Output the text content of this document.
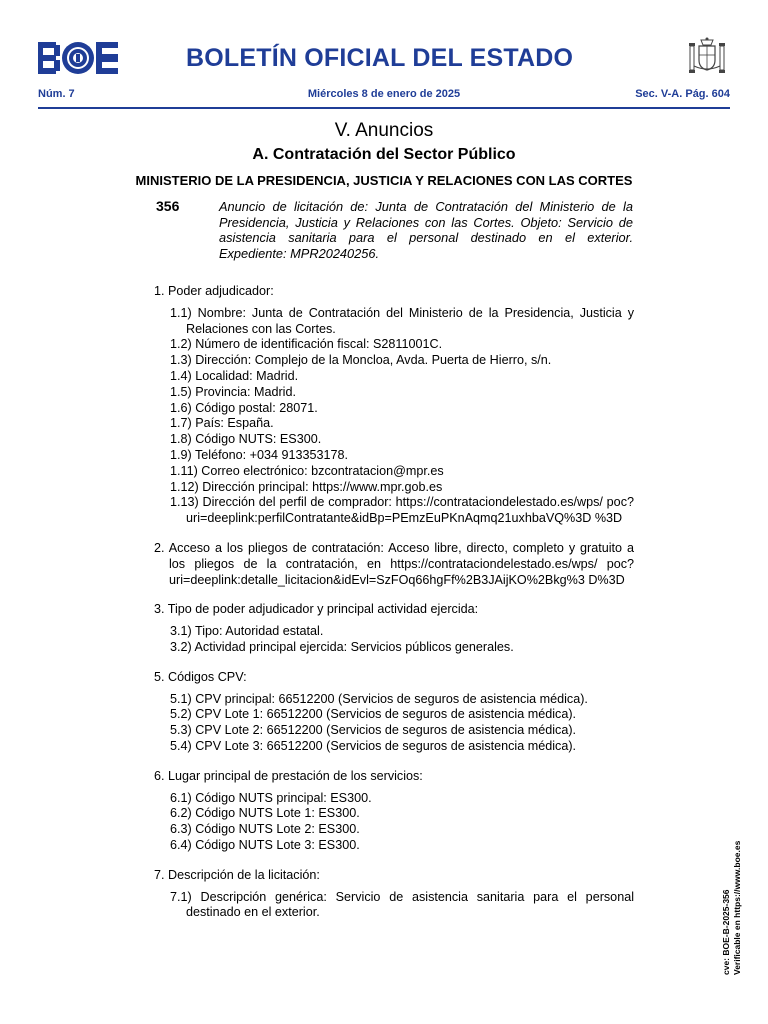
BOLETÍN OFICIAL DEL ESTADO
Núm. 7	Miércoles 8 de enero de 2025	Sec. V-A. Pág. 604
V. Anuncios
A. Contratación del Sector Público
MINISTERIO DE LA PRESIDENCIA, JUSTICIA Y RELACIONES CON LAS CORTES
356	Anuncio de licitación de: Junta de Contratación del Ministerio de la Presidencia, Justicia y Relaciones con las Cortes. Objeto: Servicio de asistencia sanitaria para el personal destinado en el exterior. Expediente: MPR20240256.
1. Poder adjudicador:
1.1) Nombre: Junta de Contratación del Ministerio de la Presidencia, Justicia y Relaciones con las Cortes.
1.2) Número de identificación fiscal: S2811001C.
1.3) Dirección: Complejo de la Moncloa, Avda. Puerta de Hierro, s/n.
1.4) Localidad: Madrid.
1.5) Provincia: Madrid.
1.6) Código postal: 28071.
1.7) País: España.
1.8) Código NUTS: ES300.
1.9) Teléfono: +034 913353178.
1.11) Correo electrónico: bzcontratacion@mpr.es
1.12) Dirección principal: https://www.mpr.gob.es
1.13) Dirección del perfil de comprador: https://contrataciondelestado.es/wps/ poc?uri=deeplink:perfilContratante&idBp=PEmzEuPKnAqmq21uxhbaVQ%3D %3D
2. Acceso a los pliegos de contratación: Acceso libre, directo, completo y gratuito a los pliegos de la contratación, en https://contrataciondelestado.es/wps/ poc?uri=deeplink:detalle_licitacion&idEvl=SzFOq66hgFf%2B3JAijKO%2Bkg%3 D%3D
3. Tipo de poder adjudicador y principal actividad ejercida:
3.1) Tipo: Autoridad estatal.
3.2) Actividad principal ejercida: Servicios públicos generales.
5. Códigos CPV:
5.1) CPV principal: 66512200 (Servicios de seguros de asistencia médica).
5.2) CPV Lote 1: 66512200 (Servicios de seguros de asistencia médica).
5.3) CPV Lote 2: 66512200 (Servicios de seguros de asistencia médica).
5.4) CPV Lote 3: 66512200 (Servicios de seguros de asistencia médica).
6. Lugar principal de prestación de los servicios:
6.1) Código NUTS principal: ES300.
6.2) Código NUTS Lote 1: ES300.
6.3) Código NUTS Lote 2: ES300.
6.4) Código NUTS Lote 3: ES300.
7. Descripción de la licitación:
7.1) Descripción genérica: Servicio de asistencia sanitaria para el personal destinado en el exterior.	cve: BOE-B-2025-356 Verificable en https://www.boe.es
